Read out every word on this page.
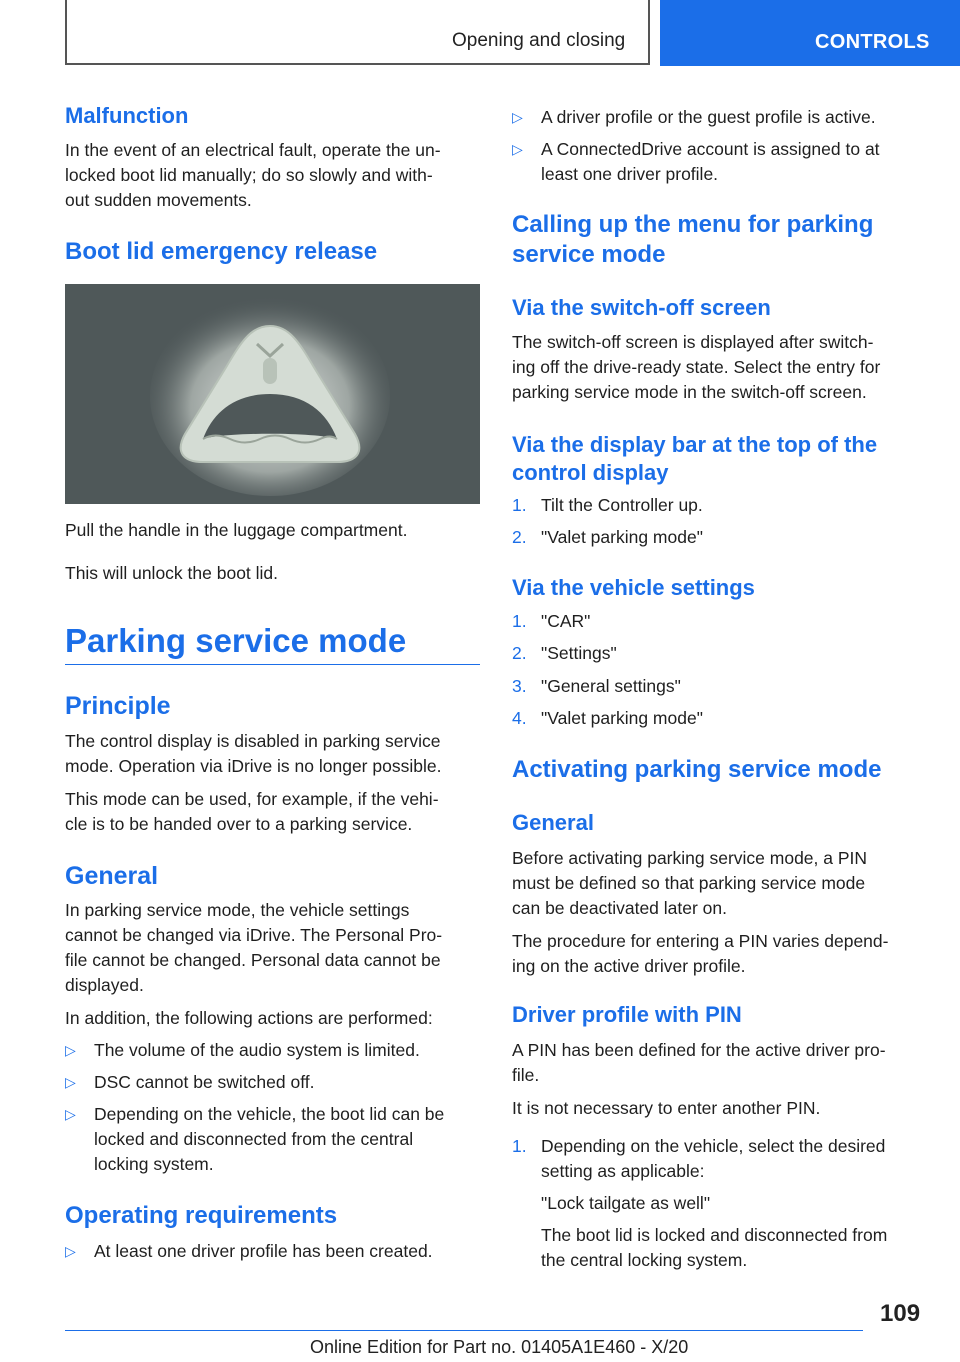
Opening and closing	CONTROLS
Malfunction
In the event of an electrical fault, operate the un-
locked boot lid manually; do so slowly and with-
out sudden movements.
Boot lid emergency release
Pull the handle in the luggage compartment.
This will unlock the boot lid.
Parking service mode
Principle
The control display is disabled in parking service
mode. Operation via iDrive is no longer possible.
This mode can be used, for example, if the vehi-
cle is to be handed over to a parking service.
General
In parking service mode, the vehicle settings
cannot be changed via iDrive. The Personal Pro-
file cannot be changed. Personal data cannot be
displayed.
In addition, the following actions are performed:
▷ The volume of the audio system is limited.
▷ DSC cannot be switched off.
▷ Depending on the vehicle, the boot lid can be
locked and disconnected from the central
locking system.
Operating requirements
▷ At least one driver profile has been created.
▷ A driver profile or the guest profile is active.
▷ A ConnectedDrive account is assigned to at
least one driver profile.
Calling up the menu for parking
service mode
Via the switch-off screen
The switch-off screen is displayed after switch-
ing off the drive-ready state. Select the entry for
parking service mode in the switch-off screen.
Via the display bar at the top of the
control display
1. Tilt the Controller up.
2. "Valet parking mode"
Via the vehicle settings
1. "CAR"
2. "Settings"
3. "General settings"
4. "Valet parking mode"
Activating parking service mode
General
Before activating parking service mode, a PIN
must be defined so that parking service mode
can be deactivated later on.
The procedure for entering a PIN varies depend-
ing on the active driver profile.
Driver profile with PIN
A PIN has been defined for the active driver pro-
file.
It is not necessary to enter another PIN.
1. Depending on the vehicle, select the desired
setting as applicable:
"Lock tailgate as well"
The boot lid is locked and disconnected from
the central locking system.
109
Online Edition for Part no. 01405A1E460 - X/20
